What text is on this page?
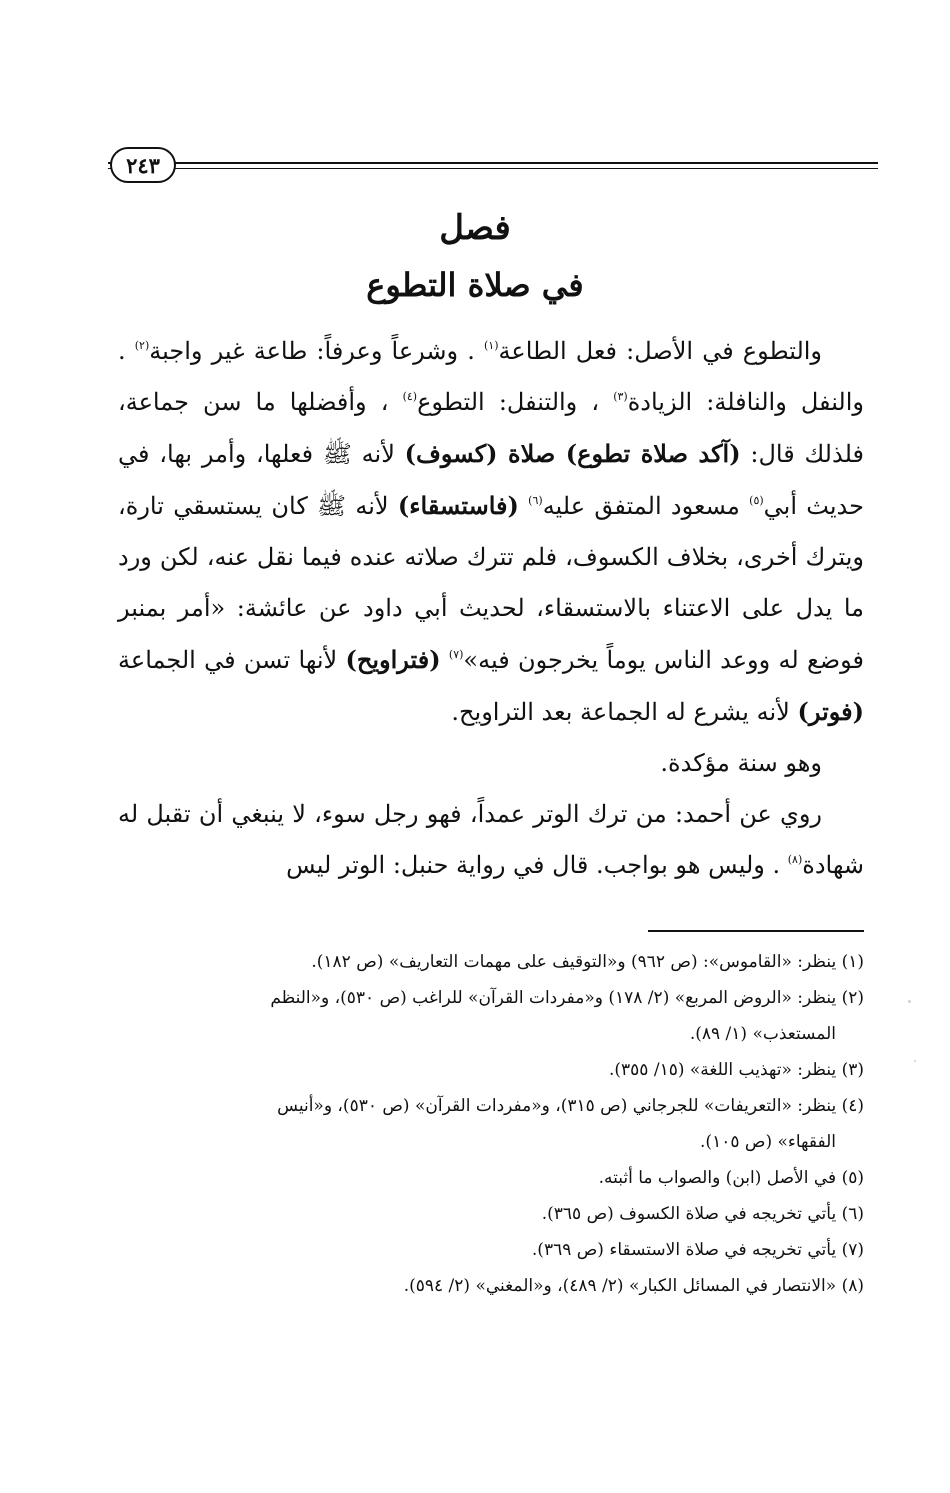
٢٤٣
فصل
في صلاة التطوع

والتطوع في الأصل: فعل الطاعة$^{(١)}$ . وشرعاً وعرفاً: طاعة غير واجبة$^{(٢)}$ . والنفل والنافلة: الزيادة$^{(٣)}$ ، والتنفل: التطوع$^{(٤)}$ ، وأفضلها ما سن جماعة، فلذلك قال: (آكد صلاة تطوع) صلاة (كسوف) لأنه ﷺ فعلها، وأمر بها، في حديث أبي$^{(٥)}$ مسعود المتفق عليه$^{(٦)}$ (فاستسقاء) لأنه ﷺ كان يستسقي تارة، ويترك أخرى، بخلاف الكسوف، فلم تترك صلاته عنده فيما نقل عنه، لكن ورد ما يدل على الاعتناء بالاستسقاء، لحديث أبي داود عن عائشة: «أمر بمنبر فوضع له ووعد الناس يوماً يخرجون فيه»$^{(٧)}$ (فتراويح) لأنها تسن في الجماعة (فوتر) لأنه يشرع له الجماعة بعد التراويح.

وهو سنة مؤكدة.

روي عن أحمد: من ترك الوتر عمداً، فهو رجل سوء، لا ينبغي أن تقبل له شهادة$^{(٨)}$ . وليس هو بواجب. قال في رواية حنبل: الوتر ليس

(١) ينظر: «القاموس»: (ص ٩٦٢) و«التوقيف على مهمات التعاريف» (ص ١٨٢).

(٢) ينظر: «الروض المربع» (٢/ ١٧٨) و«مفردات القرآن» للراغب (ص ٥٣٠)، و«النظم

المستعذب» (١/ ٨٩).

(٣) ينظر: «تهذيب اللغة» (١٥/ ٣٥٥).

(٤) ينظر: «التعريفات» للجرجاني (ص ٣١٥)، و«مفردات القرآن» (ص ٥٣٠)، و«أنيس

الفقهاء» (ص ١٠٥).

(٥) في الأصل (ابن) والصواب ما أثبته.

(٦) يأتي تخريجه في صلاة الكسوف (ص ٣٦٥).

(٧) يأتي تخريجه في صلاة الاستسقاء (ص ٣٦٩).

(٨) «الانتصار في المسائل الكبار» (٢/ ٤٨٩)، و«المغني» (٢/ ٥٩٤).
